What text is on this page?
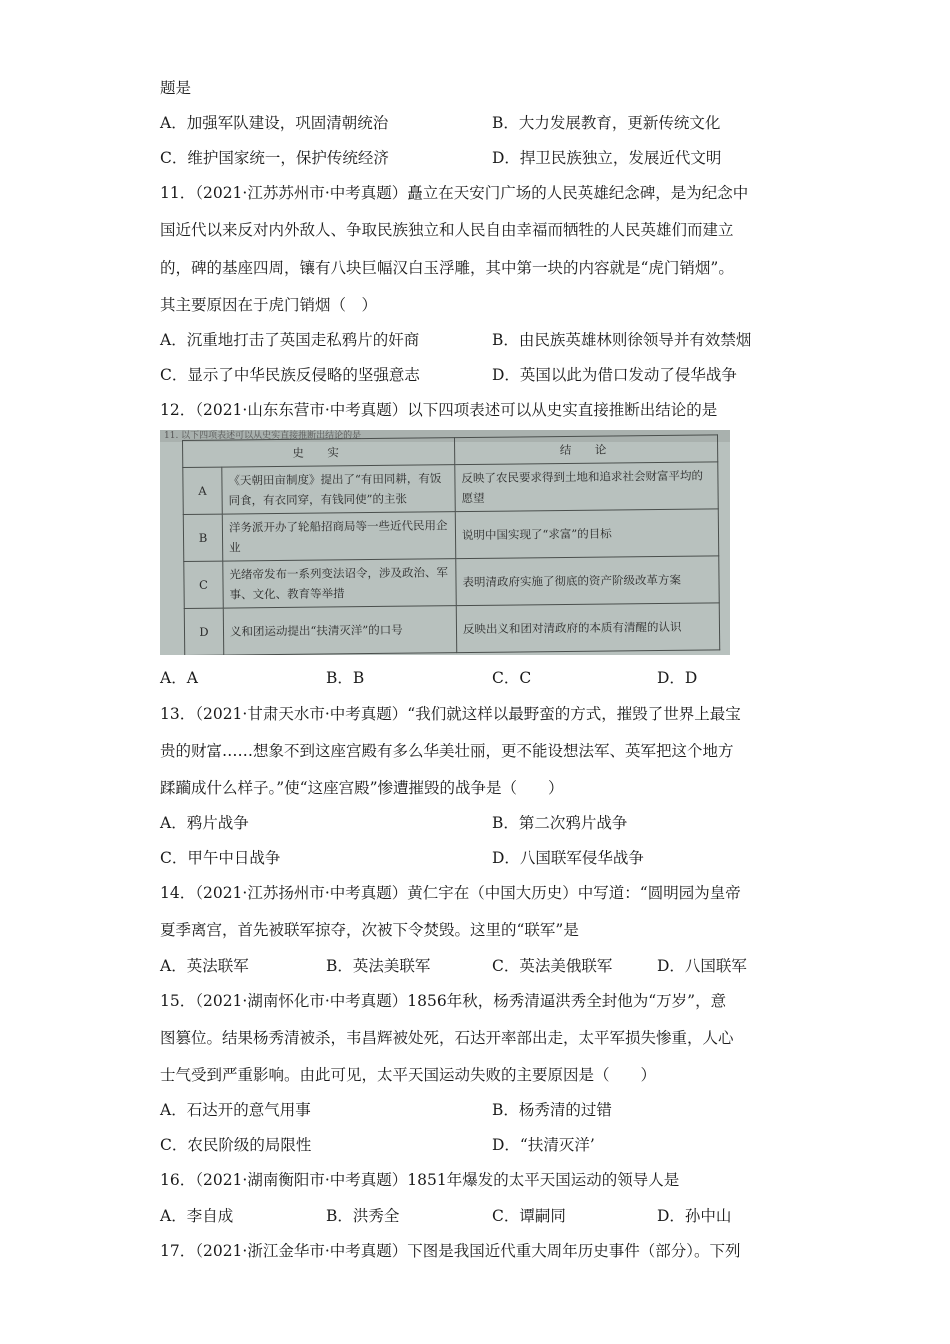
题是
A．加强军队建设，巩固清朝统治	B．大力发展教育，更新传统文化
C．维护国家统一，保护传统经济	D．捍卫民族独立，发展近代文明
11．（2021·江苏苏州市·中考真题）矗立在天安门广场的人民英雄纪念碑，是为纪念中
国近代以来反对内外敌人、争取民族独立和人民自由幸福而牺牲的人民英雄们而建立
的，碑的基座四周，镶有八块巨幅汉白玉浮雕，其中第一块的内容就是“虎门销烟”。
其主要原因在于虎门销烟（　）
A．沉重地打击了英国走私鸦片的奸商	B．由民族英雄林则徐领导并有效禁烟
C．显示了中华民族反侵略的坚强意志	D．英国以此为借口发动了侵华战争
12．（2021·山东东营市·中考真题）以下四项表述可以从史实直接推断出结论的是
11. 以下四项表述可以从史实直接推断出结论的是
史　实		结　论
A	《天朝田亩制度》提出了“有田同耕，有饭同食，有衣同穿，有钱同使”的主张	反映了农民要求得到土地和追求社会财富平均的愿望
B	洋务派开办了轮船招商局等一些近代民用企业	说明中国实现了“求富”的目标
C	光绪帝发布一系列变法诏令，涉及政治、军事、文化、教育等举措	表明清政府实施了彻底的资产阶级改革方案
D	义和团运动提出“扶清灭洋”的口号	反映出义和团对清政府的本质有清醒的认识
A．A	B．B	C．C	D．D
13．（2021·甘肃天水市·中考真题）“我们就这样以最野蛮的方式，摧毁了世界上最宝
贵的财富……想象不到这座宫殿有多么华美壮丽，更不能设想法军、英军把这个地方
蹂躏成什么样子。”使“这座宫殿”惨遭摧毁的战争是（　　）
A．鸦片战争	B．第二次鸦片战争
C．甲午中日战争	D．八国联军侵华战争
14．（2021·江苏扬州市·中考真题）黄仁宇在（中国大历史）中写道：“圆明园为皇帝
夏季离宫，首先被联军掠夺，次被下令焚毁。这里的“联军”是
A．英法联军	B．英法美联军	C．英法美俄联军	D．八国联军
15．（2021·湖南怀化市·中考真题）1856年秋，杨秀清逼洪秀全封他为“万岁”，意
图篡位。结果杨秀清被杀，韦昌辉被处死，石达开率部出走，太平军损失惨重，人心
士气受到严重影响。由此可见，太平天国运动失败的主要原因是（　　）
A．石达开的意气用事	B．杨秀清的过错
C．农民阶级的局限性	D．“扶清灭洋’
16．（2021·湖南衡阳市·中考真题）1851年爆发的太平天国运动的领导人是
A．李自成	B．洪秀全	C．谭嗣同	D．孙中山
17．（2021·浙江金华市·中考真题）下图是我国近代重大周年历史事件（部分）。下列
